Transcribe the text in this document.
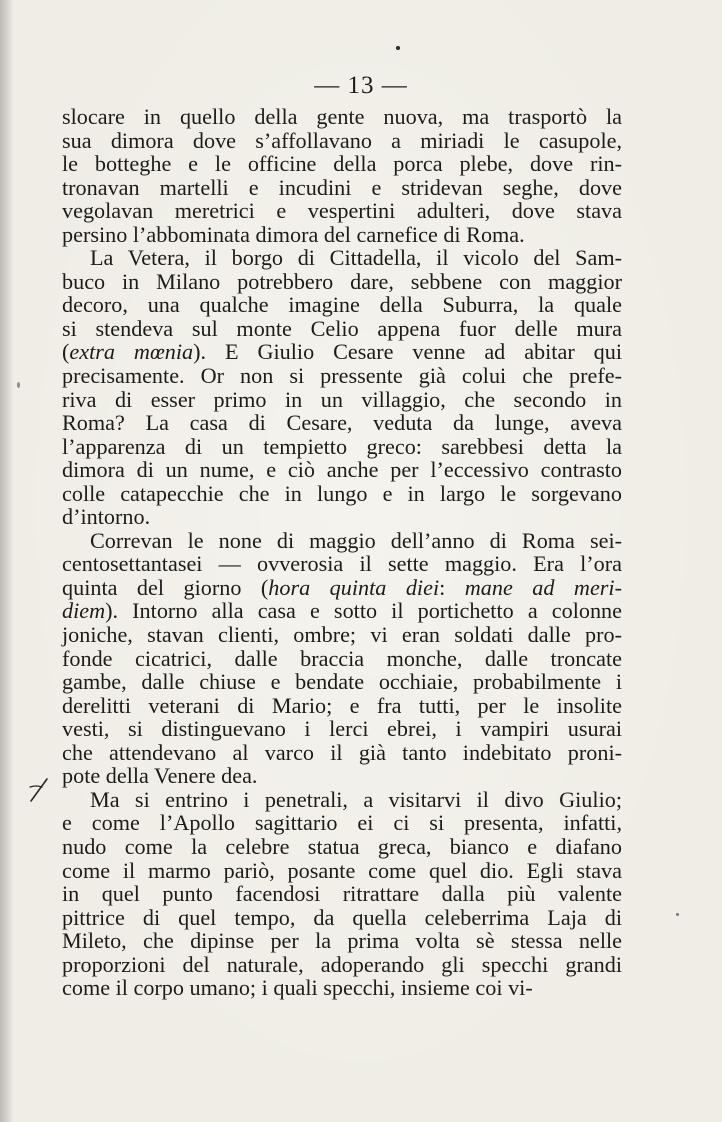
— 13 —
slocare in quello della gente nuova, ma trasportò la
sua dimora dove s’affollavano a miriadi le casupole,
le botteghe e le officine della porca plebe, dove rin-
tronavan martelli e incudini e stridevan seghe, dove
vegolavan meretrici e vespertini adulteri, dove stava
persino l’abbominata dimora del carnefice di Roma.
La Vetera, il borgo di Cittadella, il vicolo del Sam-
buco in Milano potrebbero dare, sebbene con maggior
decoro, una qualche imagine della Suburra, la quale
si stendeva sul monte Celio appena fuor delle mura
(extra mœnia). E Giulio Cesare venne ad abitar qui
precisamente. Or non si pressente già colui che prefe-
riva di esser primo in un villaggio, che secondo in
Roma? La casa di Cesare, veduta da lunge, aveva
l’apparenza di un tempietto greco: sarebbesi detta la
dimora di un nume, e ciò anche per l’eccessivo contrasto
colle catapecchie che in lungo e in largo le sorgevano
d’intorno.
Correvan le none di maggio dell’anno di Roma sei-
centosettantasei — ovverosia il sette maggio. Era l’ora
quinta del giorno (hora quinta diei: mane ad meri-
diem). Intorno alla casa e sotto il portichetto a colonne
joniche, stavan clienti, ombre; vi eran soldati dalle pro-
fonde cicatrici, dalle braccia monche, dalle troncate
gambe, dalle chiuse e bendate occhiaie, probabilmente i
derelitti veterani di Mario; e fra tutti, per le insolite
vesti, si distinguevano i lerci ebrei, i vampiri usurai
che attendevano al varco il già tanto indebitato proni-
pote della Venere dea.
Ma si entrino i penetrali, a visitarvi il divo Giulio;
e come l’Apollo sagittario ei ci si presenta, infatti,
nudo come la celebre statua greca, bianco e diafano
come il marmo pariò, posante come quel dio. Egli stava
in quel punto facendosi ritrattare dalla più valente
pittrice di quel tempo, da quella celeberrima Laja di
Mileto, che dipinse per la prima volta sè stessa nelle
proporzioni del naturale, adoperando gli specchi grandi
come il corpo umano; i quali specchi, insieme coi vi-
